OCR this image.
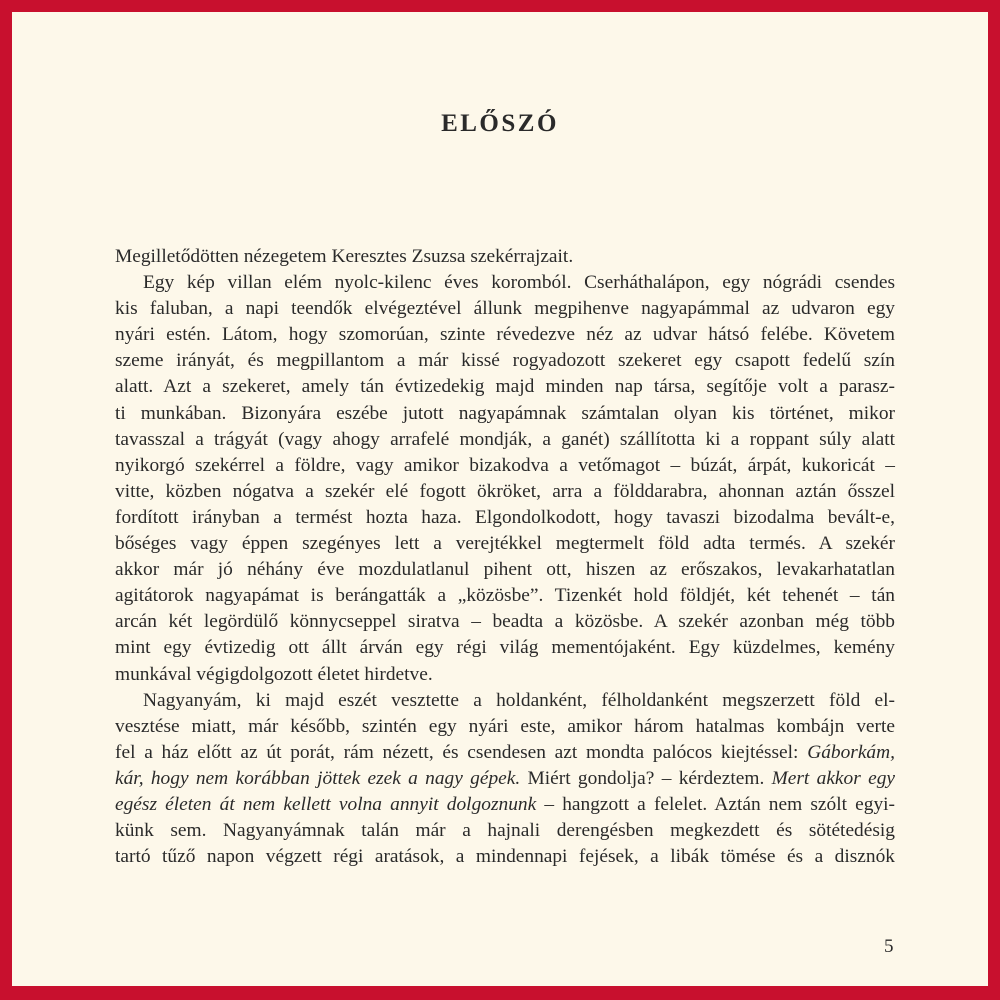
ELŐSZÓ
Megilletődötten nézegetem Keresztes Zsuzsa szekérrajzait.
Egy kép villan elém nyolc-kilenc éves koromból. Cserháthalápon, egy nógrádi csendes
kis faluban, a napi teendők elvégeztével állunk megpihenve nagyapámmal az udvaron egy
nyári estén. Látom, hogy szomorúan, szinte révedezve néz az udvar hátsó felébe. Követem
szeme irányát, és megpillantom a már kissé rogyadozott szekeret egy csapott fedelű szín
alatt. Azt a szekeret, amely tán évtizedekig majd minden nap társa, segítője volt a parasz-
ti munkában. Bizonyára eszébe jutott nagyapámnak számtalan olyan kis történet, mikor
tavasszal a trágyát (vagy ahogy arrafelé mondják, a ganét) szállította ki a roppant súly alatt
nyikorgó szekérrel a földre, vagy amikor bizakodva a vetőmagot – búzát, árpát, kukoricát –
vitte, közben nógatva a szekér elé fogott ökröket, arra a földdarabra, ahonnan aztán ősszel
fordított irányban a termést hozta haza. Elgondolkodott, hogy tavaszi bizodalma bevált-e,
bőséges vagy éppen szegényes lett a verejtékkel megtermelt föld adta termés. A szekér
akkor már jó néhány éve mozdulatlanul pihent ott, hiszen az erőszakos, levakarhatatlan
agitátorok nagyapámat is berángatták a „közösbe”. Tizenkét hold földjét, két tehenét – tán
arcán két legördülő könnycseppel siratva – beadta a közösbe. A szekér azonban még több
mint egy évtizedig ott állt árván egy régi világ mementójaként. Egy küzdelmes, kemény
munkával végigdolgozott életet hirdetve.
Nagyanyám, ki majd eszét vesztette a holdanként, félholdanként megszerzett föld el-
vesztése miatt, már később, szintén egy nyári este, amikor három hatalmas kombájn verte
fel a ház előtt az út porát, rám nézett, és csendesen azt mondta palócos kiejtéssel: Gáborkám,
kár, hogy nem korábban jöttek ezek a nagy gépek. Miért gondolja? – kérdeztem. Mert akkor egy
egész életen át nem kellett volna annyit dolgoznunk – hangzott a felelet. Aztán nem szólt egyi-
künk sem. Nagyanyámnak talán már a hajnali derengésben megkezdett és sötétedésig
tartó tűző napon végzett régi aratások, a mindennapi fejések, a libák tömése és a disznók
5
